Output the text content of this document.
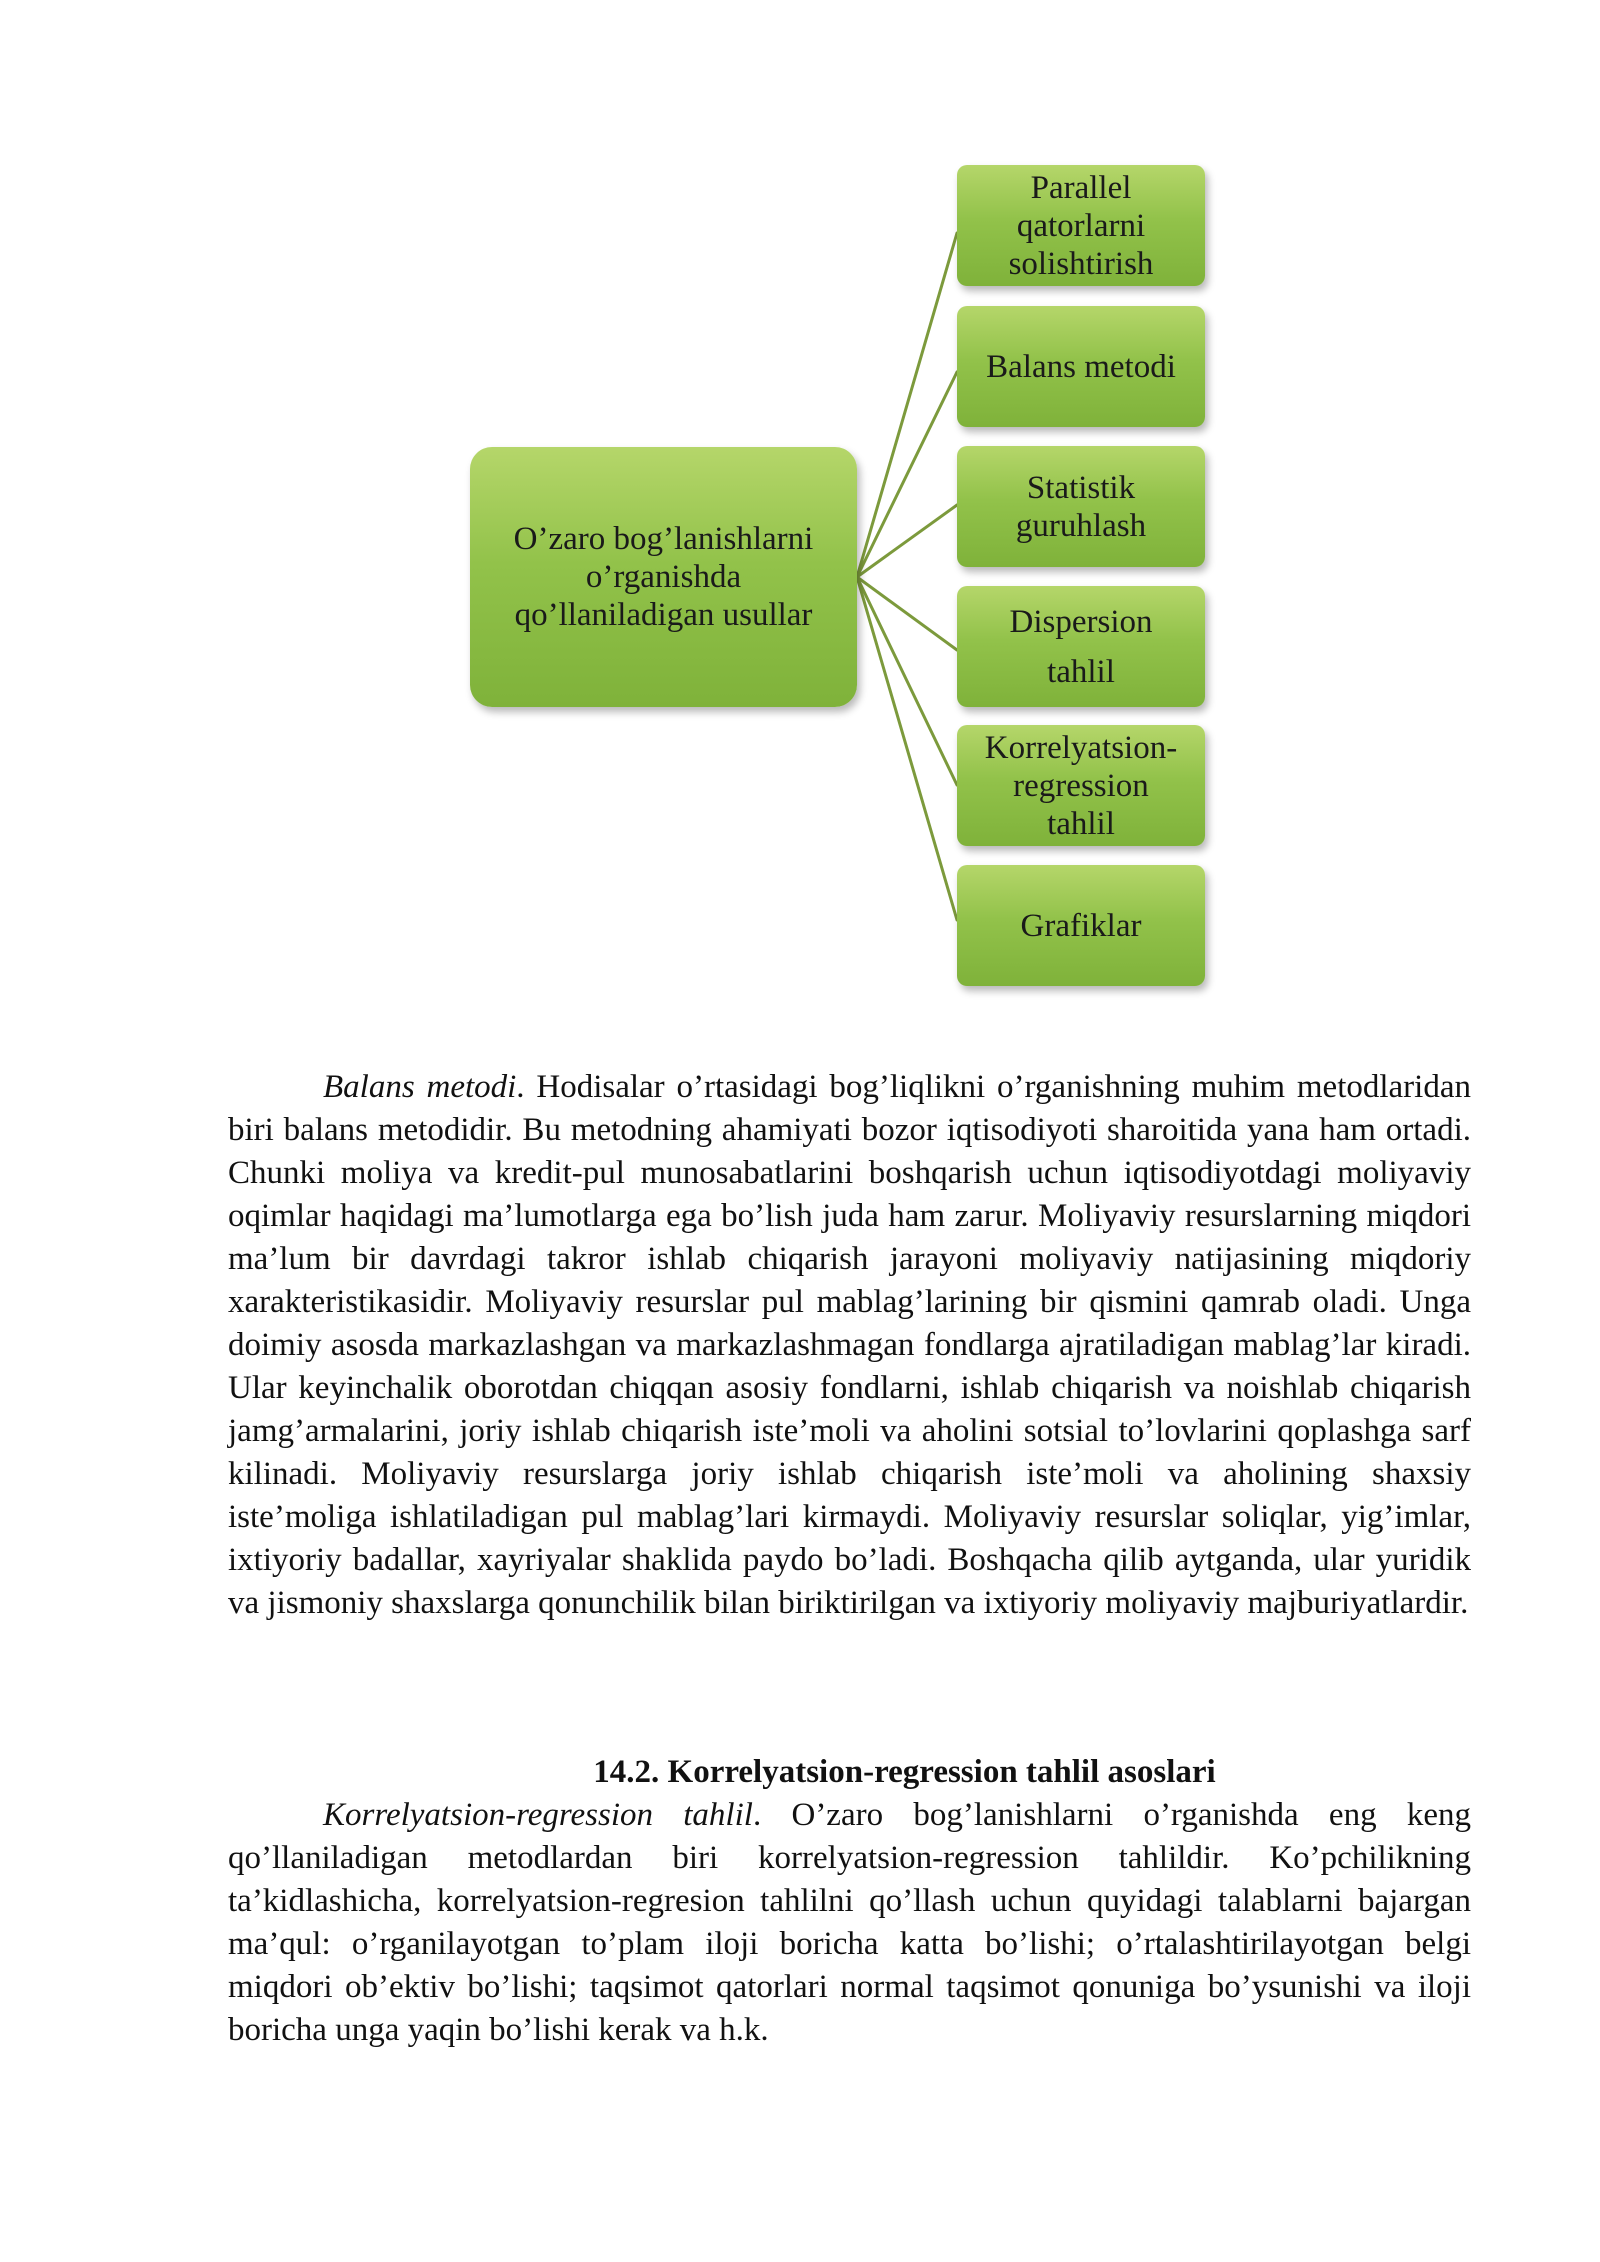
O’zaro bog’lanishlarni
o’rganishda
qo’llaniladigan usullar
Parallel
qatorlarni
solishtirish
Balans metodi
Statistik
guruhlash
Dispersion
tahlil
Korrelyatsion-
regression
tahlil
Grafiklar

Balans metodi. Hodisalar o’rtasidagi bog’liqlikni o’rganishning muhim metodlaridan biri balans metodidir. Bu metodning ahamiyati bozor iqtisodiyoti sharoitida yana ham ortadi. Chunki moliya va kredit-pul munosabatlarini boshqarish uchun iqtisodiyotdagi moliyaviy oqimlar haqidagi ma’lumotlarga ega bo’lish juda ham zarur. Moliyaviy resurslarning miqdori ma’lum bir davrdagi takror ishlab chiqarish jarayoni moliyaviy natijasining miqdoriy xarakteristikasidir. Moliyaviy resurslar pul mablag’larining bir qismini qamrab oladi. Unga doimiy asosda markazlashgan va markazlashmagan fondlarga ajratiladigan mablag’lar kiradi. Ular keyinchalik oborotdan chiqqan asosiy fondlarni, ishlab chiqarish va noishlab chiqarish jamg’armalarini, joriy ishlab chiqarish iste’moli va aholini sotsial to’lovlarini qoplashga sarf kilinadi. Moliyaviy resurslarga joriy ishlab chiqarish iste’moli va aholining shaxsiy iste’moliga ishlatiladigan pul mablag’lari kirmaydi. Moliyaviy resurslar soliqlar, yig’imlar, ixtiyoriy badallar, xayriyalar shaklida paydo bo’ladi. Boshqacha qilib aytganda, ular yuridik va jismoniy shaxslarga qonunchilik bilan biriktirilgan va ixtiyoriy moliyaviy majburiyatlardir.

14.2. Korrelyatsion-regression tahlil asoslari

Korrelyatsion-regression tahlil. O’zaro bog’lanishlarni o’rganishda eng keng qo’llaniladigan metodlardan biri korrelyatsion-regression tahlildir. Ko’pchilikning ta’kidlashicha, korrelyatsion-regresion tahlilni qo’llash uchun quyidagi talablarni bajargan ma’qul: o’rganilayotgan to’plam iloji boricha katta bo’lishi; o’rtalashtirilayotgan belgi miqdori ob’ektiv bo’lishi; taqsimot qatorlari normal taqsimot qonuniga bo’ysunishi va iloji boricha unga yaqin bo’lishi kerak va h.k.
